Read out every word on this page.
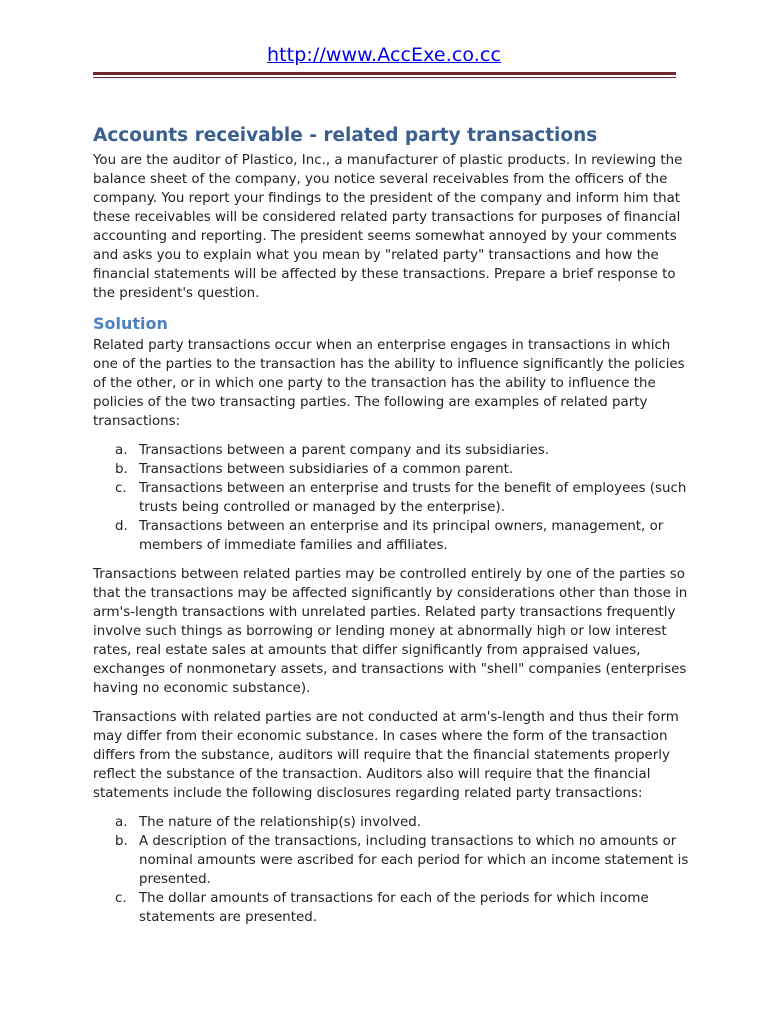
http://www.AccExe.co.cc
Accounts receivable - related party transactions

You are the auditor of Plastico, Inc., a manufacturer of plastic products. In reviewing the balance sheet of the company, you notice several receivables from the officers of the company. You report your findings to the president of the company and inform him that these receivables will be considered related party transactions for purposes of financial accounting and reporting. The president seems somewhat annoyed by your comments and asks you to explain what you mean by "related party" transactions and how the financial statements will be affected by these transactions. Prepare a brief response to the president's question.

Solution

Related party transactions occur when an enterprise engages in transactions in which one of the parties to the transaction has the ability to influence significantly the policies of the other, or in which one party to the transaction has the ability to influence the policies of the two transacting parties. The following are examples of related party transactions:

a. Transactions between a parent company and its subsidiaries.
b. Transactions between subsidiaries of a common parent.
c. Transactions between an enterprise and trusts for the benefit of employees (such trusts being controlled or managed by the enterprise).
d. Transactions between an enterprise and its principal owners, management, or members of immediate families and affiliates.

Transactions between related parties may be controlled entirely by one of the parties so that the transactions may be affected significantly by considerations other than those in arm's-length transactions with unrelated parties. Related party transactions frequently involve such things as borrowing or lending money at abnormally high or low interest rates, real estate sales at amounts that differ significantly from appraised values, exchanges of nonmonetary assets, and transactions with "shell" companies (enterprises having no economic substance).

Transactions with related parties are not conducted at arm's-length and thus their form may differ from their economic substance. In cases where the form of the transaction differs from the substance, auditors will require that the financial statements properly reflect the substance of the transaction. Auditors also will require that the financial statements include the following disclosures regarding related party transactions:

a. The nature of the relationship(s) involved.
b. A description of the transactions, including transactions to which no amounts or nominal amounts were ascribed for each period for which an income statement is presented.
c. The dollar amounts of transactions for each of the periods for which income statements are presented.
